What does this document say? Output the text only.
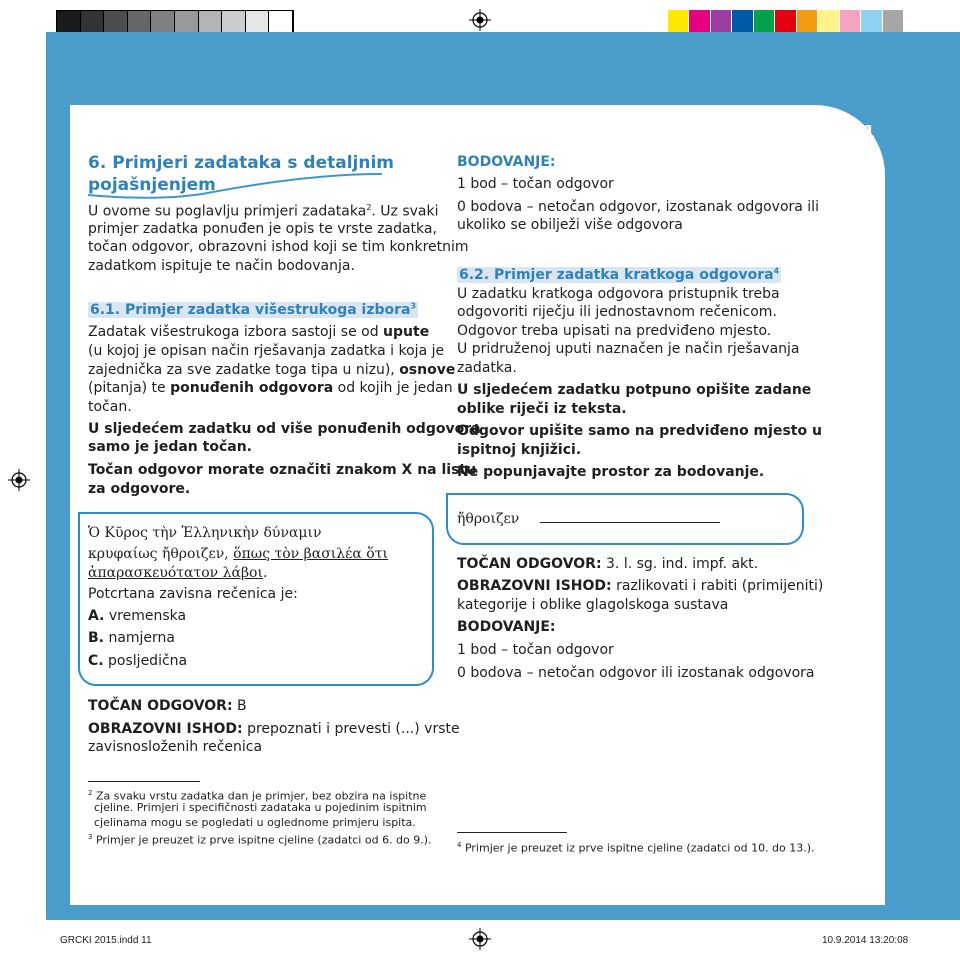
1 1
6. Primjeri zadataka s detaljnim
pojašnjenjem
U ovome su poglavlju primjeri zadataka$^2$. Uz svaki
primjer zadatka ponuđen je opis te vrste zadatka,
točan odgovor, obrazovni ishod koji se tim konkretnim
zadatkom ispituje te način bodovanja.
6.1. Primjer zadatka višestrukoga izbora$^3$
Zadatak višestrukoga izbora sastoji se od upute
(u kojoj je opisan način rješavanja zadatka i koja je
zajednička za sve zadatke toga tipa u nizu), osnove
(pitanja) te ponuđenih odgovora od kojih je jedan
točan.
U sljedećem zadatku od više ponuđenih odgovora
samo je jedan točan.
Točan odgovor morate označiti znakom X na listu
za odgovore.
Ὁ Κῦρος τὴν Ἑλληνικὴν δύναμιν
κρυφαίως ἤθροιζεν, ὅπως τὸν βασιλέα ὅτι
ἀπαρασκευότατον λάβοι.
Potcrtana zavisna rečenica je:
A. vremenska
B. namjerna
C. posljedična
TOČAN ODGOVOR: B
OBRAZOVNI ISHOD: prepoznati i prevesti (...) vrste
zavisnosloženih rečenica
$^2$ Za svaku vrstu zadatka dan je primjer, bez obzira na ispitne
cjeline. Primjeri i specifičnosti zadataka u pojedinim ispitnim
cjelinama mogu se pogledati u oglednome primjeru ispita.
$^3$ Primjer je preuzet iz prve ispitne cjeline (zadatci od 6. do 9.).
BODOVANJE:
1 bod – točan odgovor
0 bodova – netočan odgovor, izostanak odgovora ili
ukoliko se obilježi više odgovora
6.2. Primjer zadatka kratkoga odgovora$^4$
U zadatku kratkoga odgovora pristupnik treba
odgovoriti riječju ili jednostavnom rečenicom.
Odgovor treba upisati na predviđeno mjesto.
U pridruženoj uputi naznačen je način rješavanja
zadatka.
U sljedećem zadatku potpuno opišite zadane
oblike riječi iz teksta.
Odgovor upišite samo na predviđeno mjesto u
ispitnoj knjižici.
Ne popunjavajte prostor za bodovanje.
ἤθροιζεν
TOČAN ODGOVOR: 3. l. sg. ind. impf. akt.
OBRAZOVNI ISHOD: razlikovati i rabiti (primijeniti)
kategorije i oblike glagolskoga sustava
BODOVANJE:
1 bod – točan odgovor
0 bodova – netočan odgovor ili izostanak odgovora
$^4$ Primjer je preuzet iz prve ispitne cjeline (zadatci od 10. do 13.).
GRCKI 2015.indd 11	10.9.2014 13:20:08
